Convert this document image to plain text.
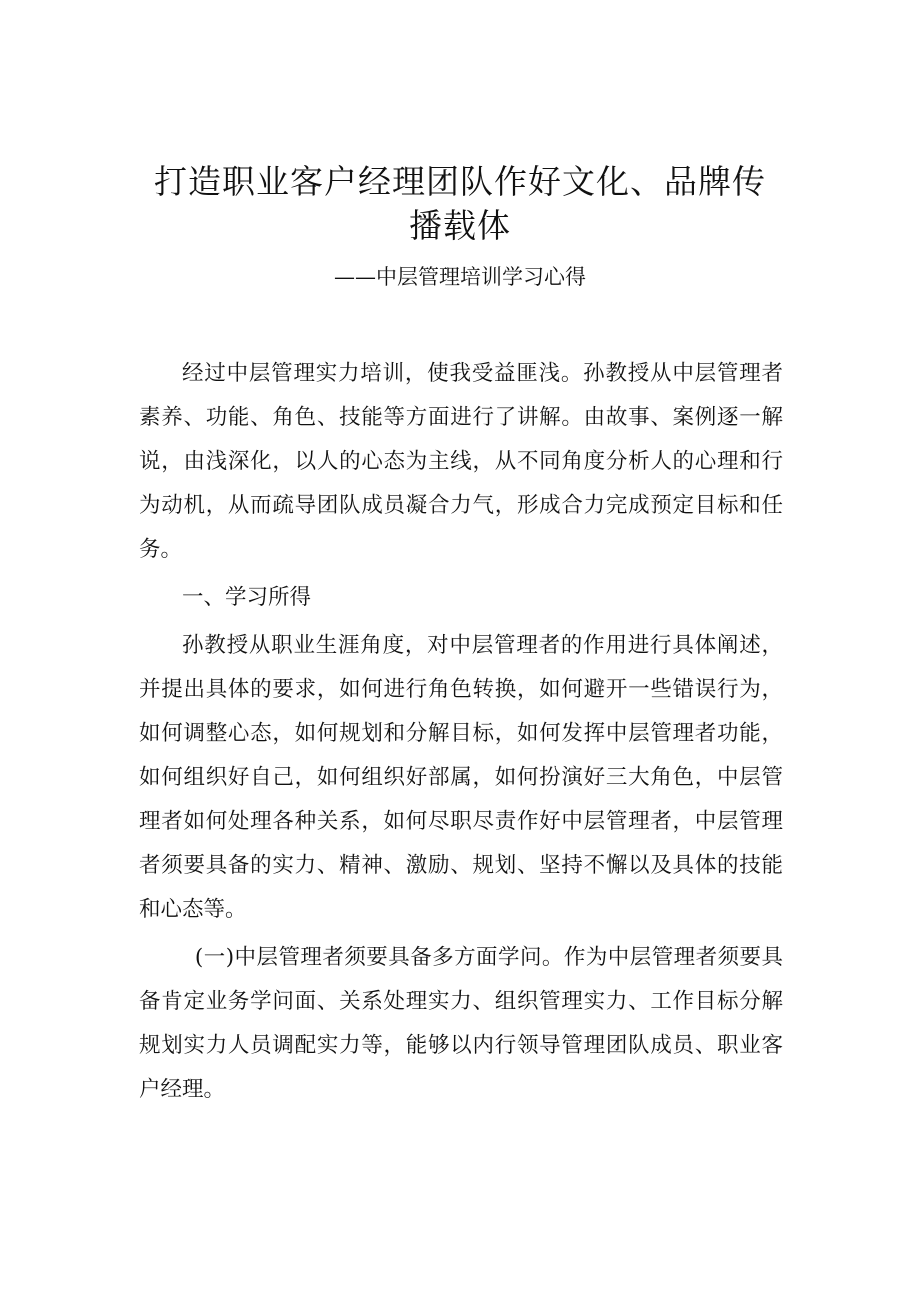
打造职业客户经理团队作好文化、品牌传
播载体
——中层管理培训学习心得

经过中层管理实力培训，使我受益匪浅。孙教授从中层管理者素养、功能、角色、技能等方面进行了讲解。由故事、案例逐一解说，由浅深化，以人的心态为主线，从不同角度分析人的心理和行为动机，从而疏导团队成员凝合力气，形成合力完成预定目标和任务。

一、学习所得

孙教授从职业生涯角度，对中层管理者的作用进行具体阐述，并提出具体的要求，如何进行角色转换，如何避开一些错误行为，如何调整心态，如何规划和分解目标，如何发挥中层管理者功能，如何组织好自己，如何组织好部属，如何扮演好三大角色，中层管理者如何处理各种关系，如何尽职尽责作好中层管理者，中层管理者须要具备的实力、精神、激励、规划、坚持不懈以及具体的技能和心态等。

(一)中层管理者须要具备多方面学问。作为中层管理者须要具备肯定业务学问面、关系处理实力、组织管理实力、工作目标分解规划实力人员调配实力等，能够以内行领导管理团队成员、职业客户经理。
